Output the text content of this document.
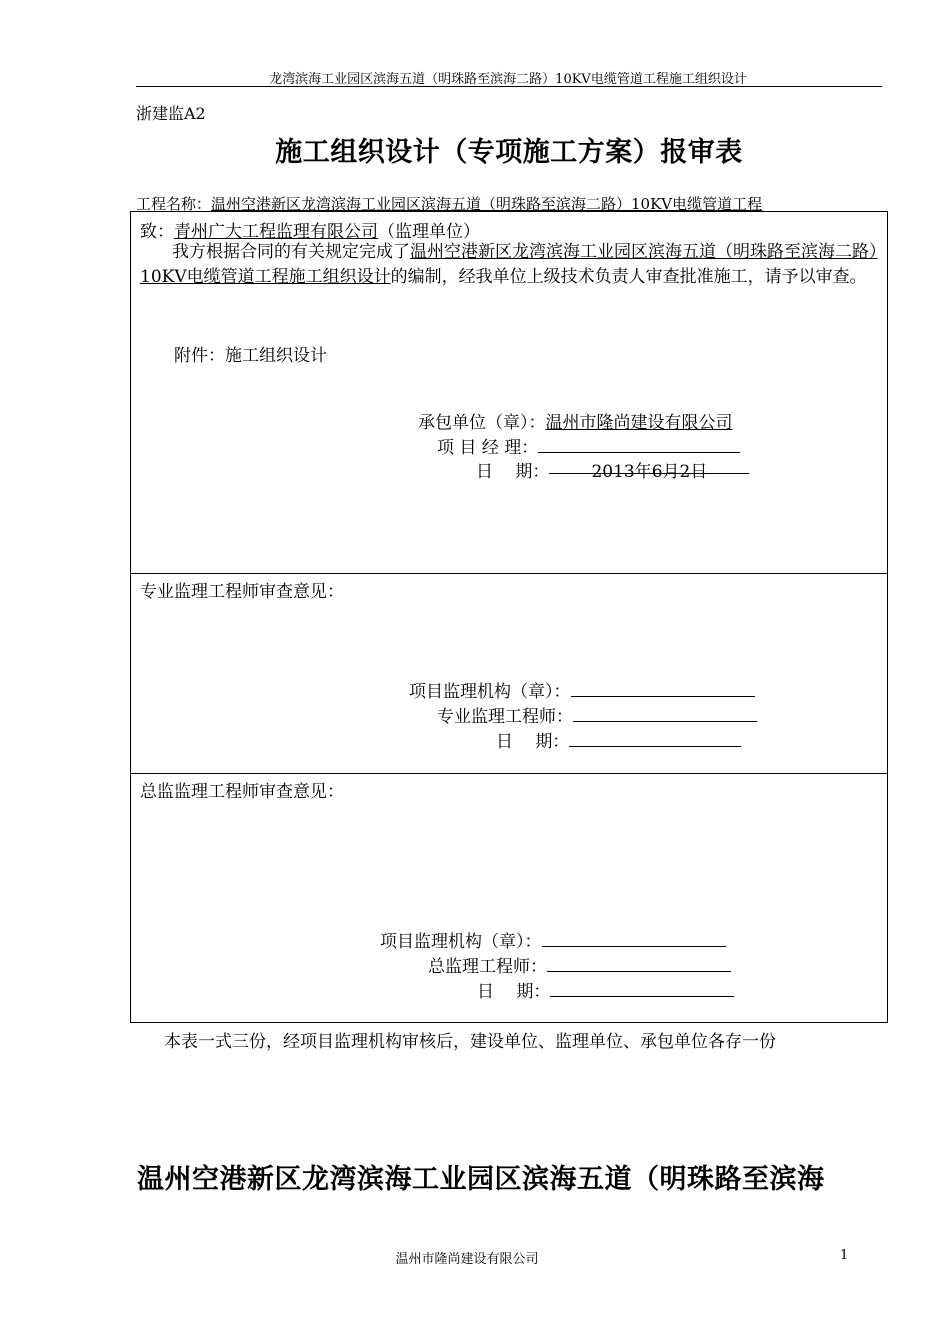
龙湾滨海工业园区滨海五道（明珠路至滨海二路）10KV电缆管道工程施工组织设计
浙建监A2
施工组织设计（专项施工方案）报审表
工程名称：温州空港新区龙湾滨海工业园区滨海五道（明珠路至滨海二路）10KV电缆管道工程
致：青州广大工程监理有限公司（监理单位）
我方根据合同的有关规定完成了温州空港新区龙湾滨海工业园区滨海五道（明珠路至滨海二路）10KV电缆管道工程施工组织设计的编制，经我单位上级技术负责人审查批准施工，请予以审查。
附件：施工组织设计
承包单位（章）：温州市隆尚建设有限公司
项 目 经 理：
日　 期： 2013年6月2日
专业监理工程师审查意见：
项目监理机构（章）：
专业监理工程师：
日　 期：
总监监理工程师审查意见：
项目监理机构（章）：
总监理工程师：
日　 期：
本表一式三份，经项目监理机构审核后，建设单位、监理单位、承包单位各存一份
温州空港新区龙湾滨海工业园区滨海五道（明珠路至滨海
温州市隆尚建设有限公司	1
